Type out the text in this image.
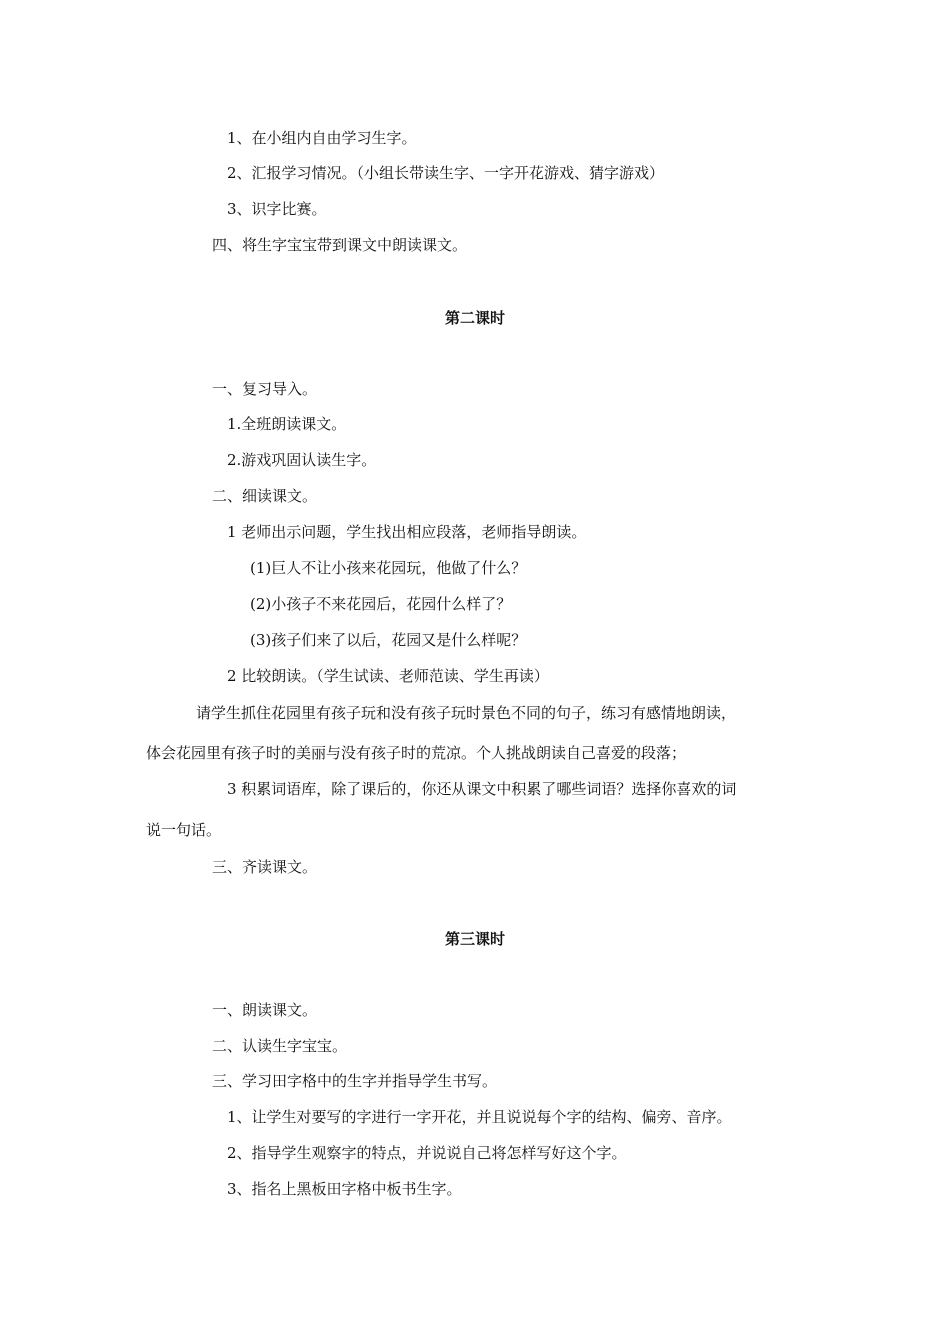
1、在小组内自由学习生字。
2、汇报学习情况。（小组长带读生字、一字开花游戏、猜字游戏）
3、识字比赛。
四、将生字宝宝带到课文中朗读课文。
第二课时
一、复习导入。
1.全班朗读课文。
2.游戏巩固认读生字。
二、细读课文。
1 老师出示问题，学生找出相应段落，老师指导朗读。
(1)巨人不让小孩来花园玩，他做了什么？
(2)小孩子不来花园后，花园什么样了？
(3)孩子们来了以后，花园又是什么样呢？
2 比较朗读。（学生试读、老师范读、学生再读）
请学生抓住花园里有孩子玩和没有孩子玩时景色不同的句子，练习有感情地朗读，
体会花园里有孩子时的美丽与没有孩子时的荒凉。个人挑战朗读自己喜爱的段落；
3 积累词语库，除了课后的，你还从课文中积累了哪些词语？选择你喜欢的词
说一句话。
三、齐读课文。
第三课时
一、朗读课文。
二、认读生字宝宝。
三、学习田字格中的生字并指导学生书写。
1、让学生对要写的字进行一字开花，并且说说每个字的结构、偏旁、音序。
2、指导学生观察字的特点，并说说自己将怎样写好这个字。
3、指名上黑板田字格中板书生字。
